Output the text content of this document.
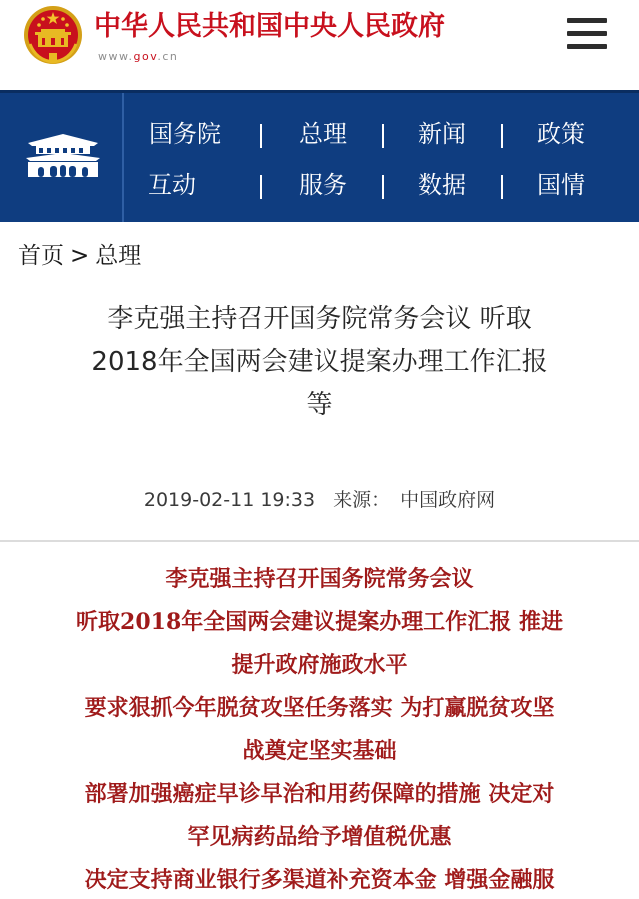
中华人民共和国中央人民政府
www.gov.cn
国务院	总理	新闻	政策
互动	服务	数据	国情
首页 > 总理
李克强主持召开国务院常务会议 听取
2018年全国两会建议提案办理工作汇报
等
2019-02-11 19:33 来源： 中国政府网
李克强主持召开国务院常务会议
听取2018年全国两会建议提案办理工作汇报 推进
提升政府施政水平
要求狠抓今年脱贫攻坚任务落实 为打赢脱贫攻坚
战奠定坚实基础
部署加强癌症早诊早治和用药保障的措施 决定对
罕见病药品给予增值税优惠
决定支持商业银行多渠道补充资本金 增强金融服
